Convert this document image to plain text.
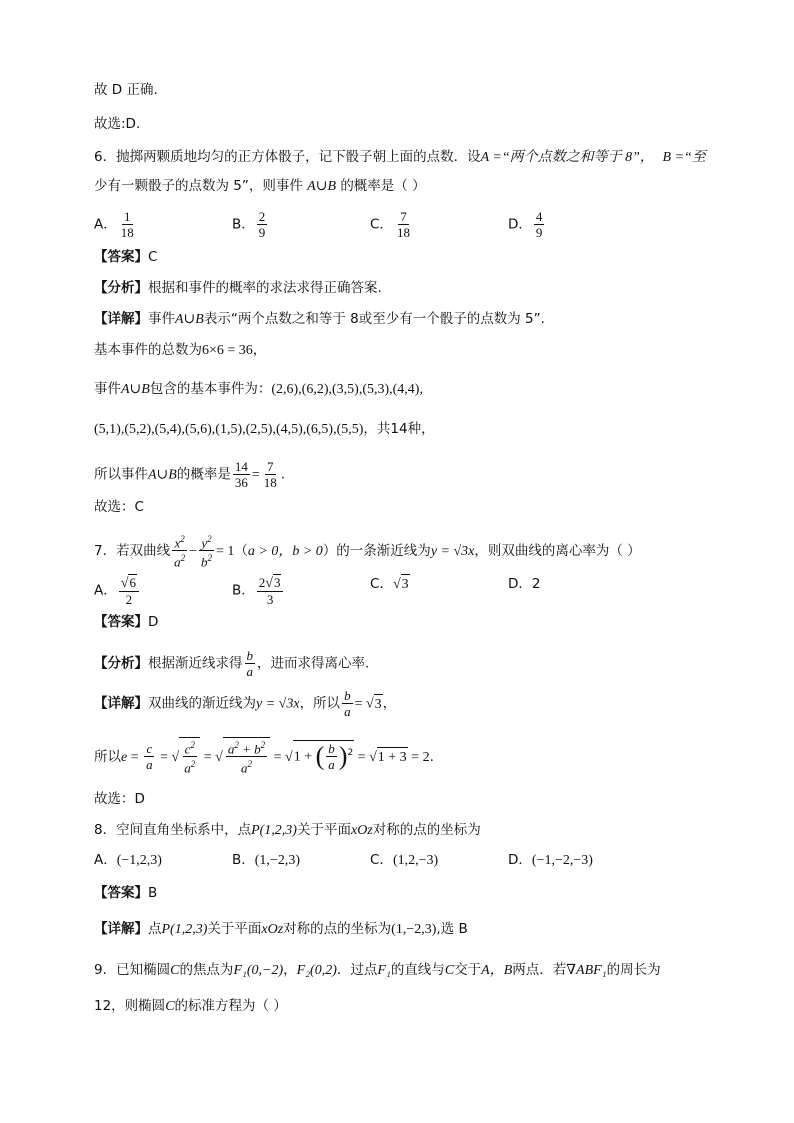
故 D 正确.
故选:D.
6．抛掷两颗质地均匀的正方体骰子，记下骰子朝上面的点数．设A =“两个点数之和等于 8”， B =“至
少有一颗骰子的点数为 5”，则事件 A∪B 的概率是（ ）
A． $\frac{1}{18}$	B． $\frac{2}{9}$	C． $\frac{7}{18}$	D． $\frac{4}{9}$
【答案】C
【分析】根据和事件的概率的求法求得正确答案.
【详解】事件A∪B表示“两个点数之和等于 8或至少有一个骰子的点数为 5”.
基本事件的总数为6×6 = 36，
事件A∪B包含的基本事件为：(2,6),(6,2),(3,5),(5,3),(4,4),
(5,1),(5,2),(5,4),(5,6),(1,5),(2,5),(4,5),(6,5),(5,5)，共14种，
所以事件A∪B的概率是 $\frac{14}{36} = \frac{7}{18}$ .
故选：C
7．若双曲线 $\frac{x^2}{a^2} - \frac{y^2}{b^2} = 1(a > 0$，b > 0）的一条渐近线为y = √3x，则双曲线的离心率为（ ）
A． $\frac{√6}{2}$	B． $\frac{2√3}{3}$	C．√3	D．2
【答案】D
【分析】根据渐近线求得 $\frac{b}{a}$ ，进而求得离心率.
【详解】双曲线的渐近线为y = √3x，所以 $\frac{b}{a} = √3$，
所以$e = \frac{c}{a}$ = √ $\frac{c^2}{a^2}$ = √ $\frac{a^2 + b^2}{a^2} = √1$ + ( $\frac{b}{a} )^2 = √1 + 3 = 2$.
故选：D
8．空间直角坐标系中，点P(1,2,3)关于平面xOz对称的点的坐标为
A．(−1,2,3)	B．(1,−2,3)	C．(1,2,−3)	D．(−1,−2,−3)
【答案】B
【详解】点P(1,2,3)关于平面xOz对称的点的坐标为(1,−2,3),选 B
9．已知椭圆C的焦点为F₁(0,−2)，F₂(0,2)．过点F₁的直线与C交于A，B两点．若∇ABF₁的周长为
12，则椭圆C的标准方程为（ ）
